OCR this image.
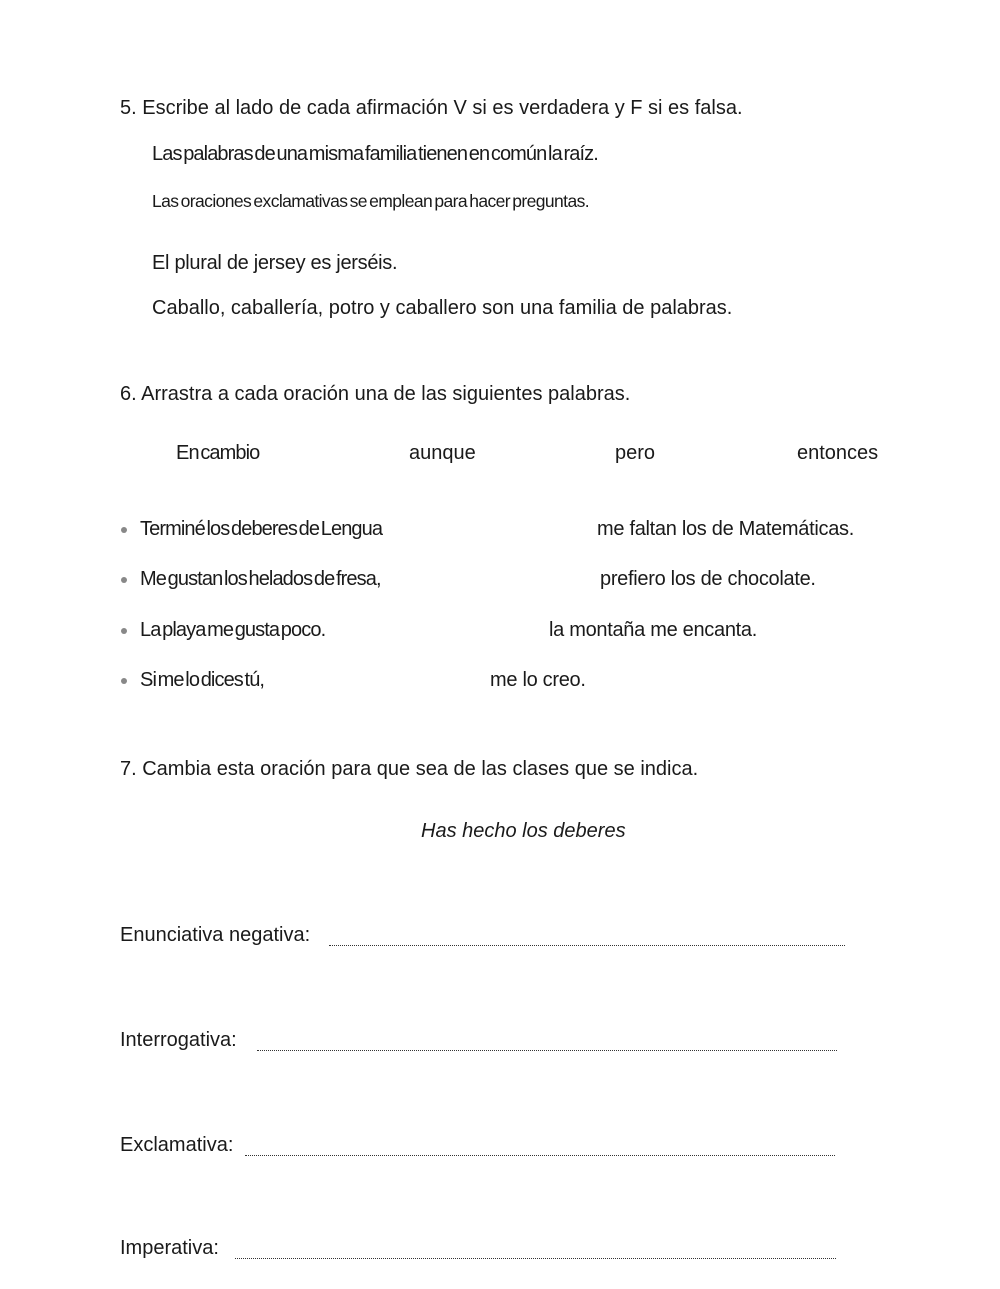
5. Escribe al lado de cada afirmación V si es verdadera y F si es falsa.
Las palabras de una misma familia tienen en común la raíz.
Las oraciones exclamativas se emplean para hacer preguntas.
El plural de jersey es jerséis.
Caballo, caballería, potro y caballero son una familia de palabras.
6. Arrastra a cada oración una de las siguientes palabras.
En cambio	aunque	pero	entonces
Terminé los deberes de Lengua	me faltan los de Matemáticas.
Me gustan los helados de fresa,	prefiero los de chocolate.
La playa me gusta poco.	la montaña me encanta.
Si me lo dices tú,	me lo creo.
7. Cambia esta oración para que sea de las clases que se indica.
Has hecho los deberes
Enunciativa negativa:
Interrogativa:
Exclamativa:
Imperativa:
